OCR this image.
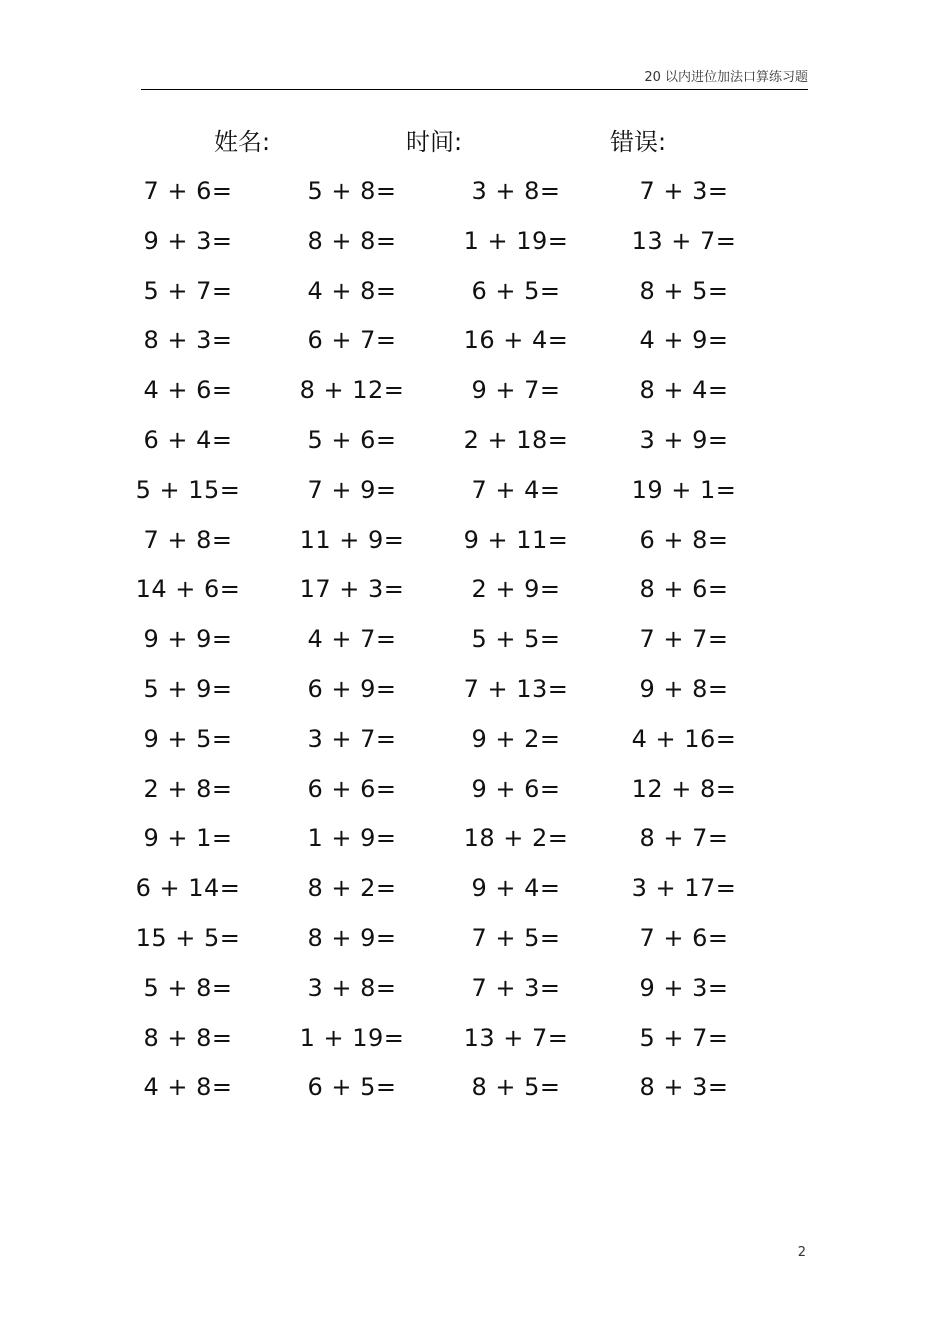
20 以内进位加法口算练习题
姓名:	时间:	错误:
7 + 6=
9 + 3=
5 + 7=
8 + 3=
4 + 6=
6 + 4=
5 + 15=
7 + 8=
14 + 6=
9 + 9=
5 + 9=
9 + 5=
2 + 8=
9 + 1=
6 + 14=
15 + 5=
5 + 8=
8 + 8=
4 + 8=
5 + 8=
8 + 8=
4 + 8=
6 + 7=
8 + 12=
5 + 6=
7 + 9=
11 + 9=
17 + 3=
4 + 7=
6 + 9=
3 + 7=
6 + 6=
1 + 9=
8 + 2=
8 + 9=
3 + 8=
1 + 19=
6 + 5=
3 + 8=
1 + 19=
6 + 5=
16 + 4=
9 + 7=
2 + 18=
7 + 4=
9 + 11=
2 + 9=
5 + 5=
7 + 13=
9 + 2=
9 + 6=
18 + 2=
9 + 4=
7 + 5=
7 + 3=
13 + 7=
8 + 5=
7 + 3=
13 + 7=
8 + 5=
4 + 9=
8 + 4=
3 + 9=
19 + 1=
6 + 8=
8 + 6=
7 + 7=
9 + 8=
4 + 16=
12 + 8=
8 + 7=
3 + 17=
7 + 6=
9 + 3=
5 + 7=
8 + 3=
2
